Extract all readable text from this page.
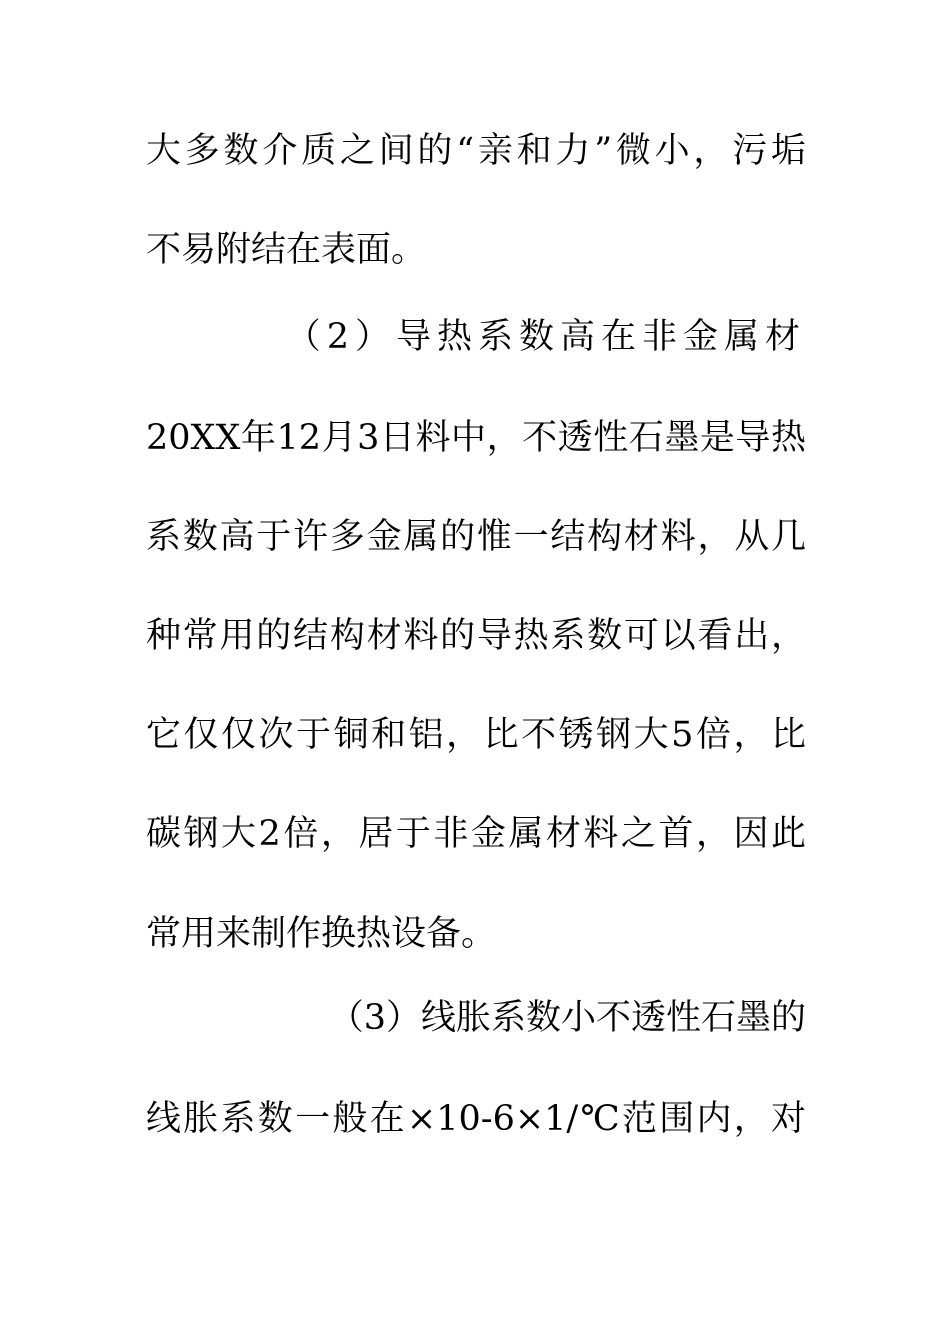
大多数介质之间的“亲和力”微小，污垢
不易附结在表面。
（2）导热系数高在非金属材
20XX年12月3日料中，不透性石墨是导热
系数高于许多金属的惟一结构材料，从几
种常用的结构材料的导热系数可以看出，
它仅仅次于铜和铝，比不锈钢大5倍，比
碳钢大2倍，居于非金属材料之首，因此
常用来制作换热设备。
（3）线胀系数小不透性石墨的
线胀系数一般在×10-6×1/℃范围内，对
